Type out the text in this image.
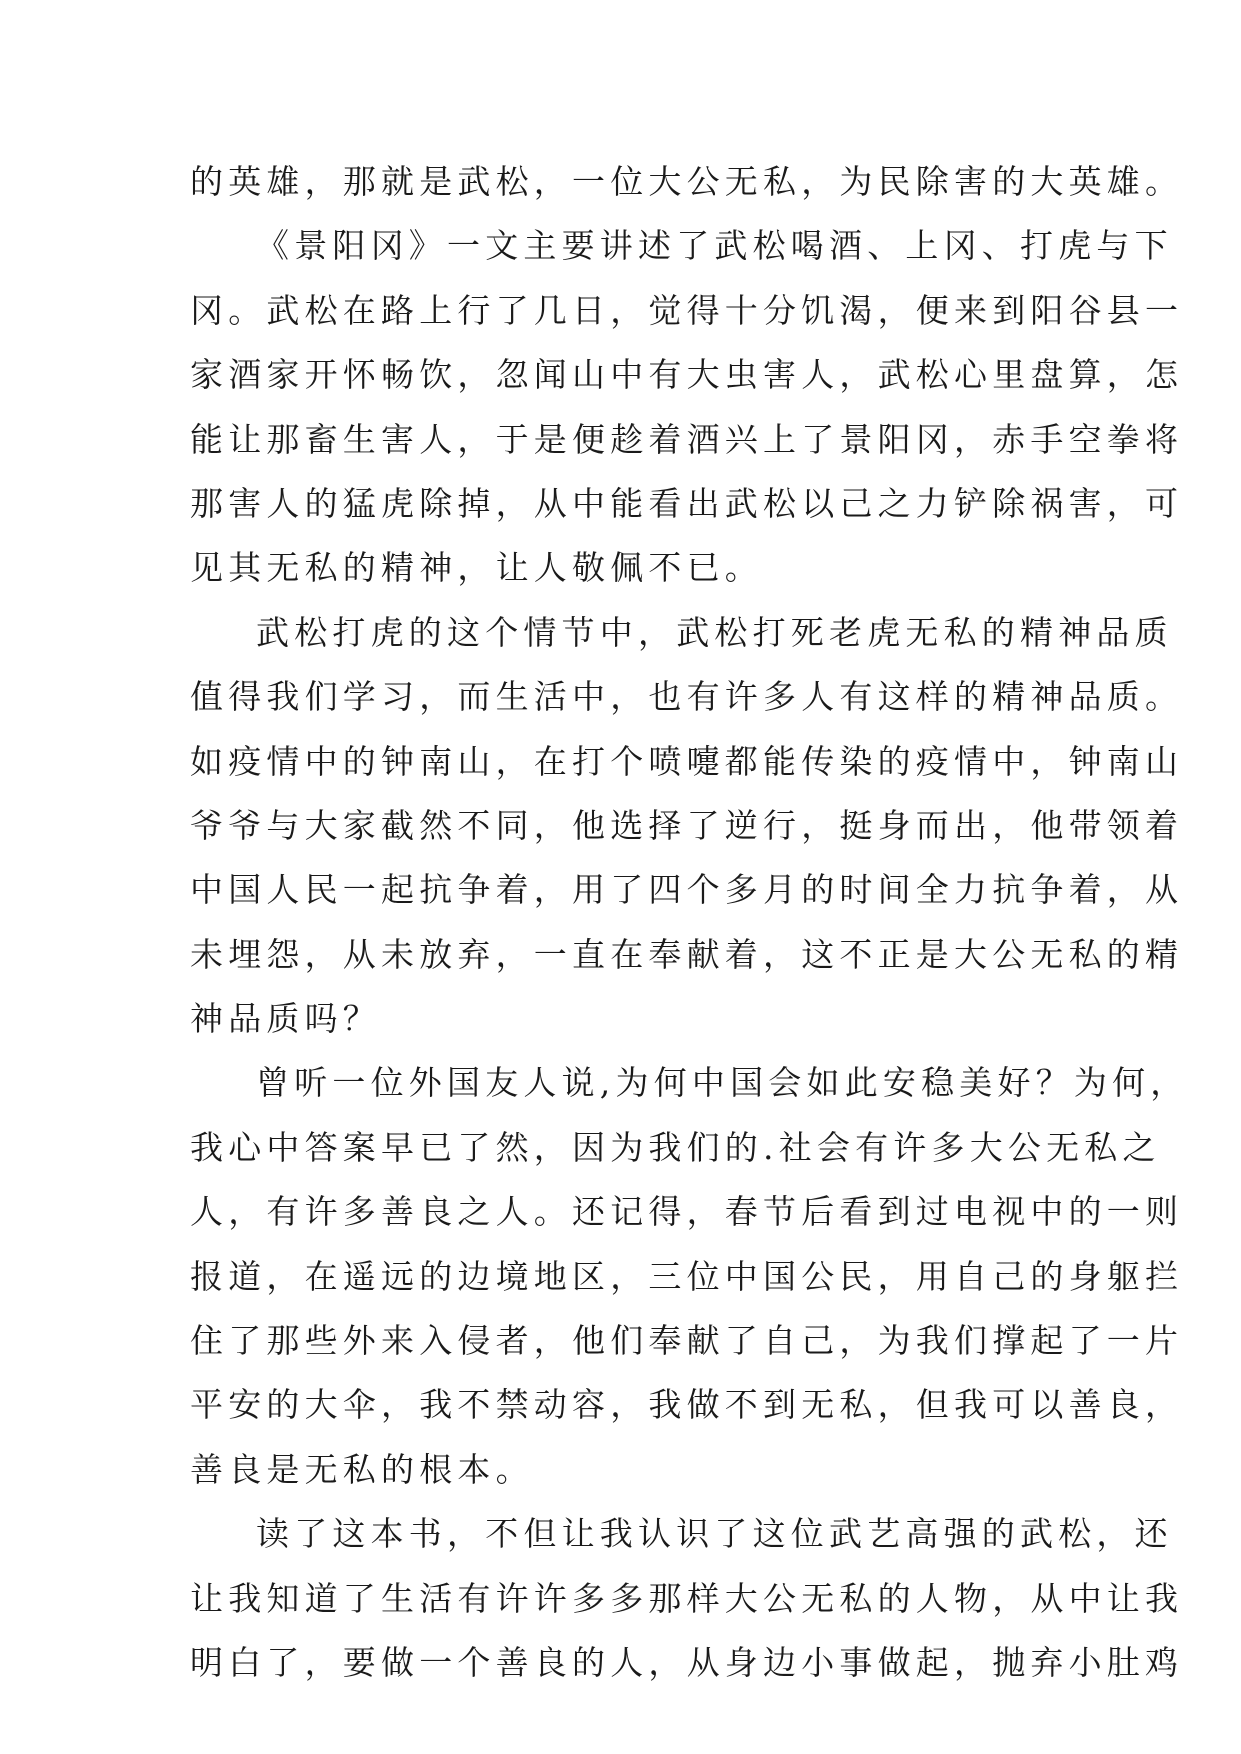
的英雄，那就是武松，一位大公无私，为民除害的大英雄。
《景阳冈》一文主要讲述了武松喝酒、上冈、打虎与下
冈。武松在路上行了几日，觉得十分饥渴，便来到阳谷县一
家酒家开怀畅饮，忽闻山中有大虫害人，武松心里盘算，怎
能让那畜生害人，于是便趁着酒兴上了景阳冈，赤手空拳将
那害人的猛虎除掉，从中能看出武松以己之力铲除祸害，可
见其无私的精神，让人敬佩不已。
武松打虎的这个情节中，武松打死老虎无私的精神品质
值得我们学习，而生活中，也有许多人有这样的精神品质。
如疫情中的钟南山，在打个喷嚏都能传染的疫情中，钟南山
爷爷与大家截然不同，他选择了逆行，挺身而出，他带领着
中国人民一起抗争着，用了四个多月的时间全力抗争着，从
未埋怨，从未放弃，一直在奉献着，这不正是大公无私的精
神品质吗？
曾听一位外国友人说,为何中国会如此安稳美好？为何，
我心中答案早已了然，因为我们的.社会有许多大公无私之
人，有许多善良之人。还记得，春节后看到过电视中的一则
报道，在遥远的边境地区，三位中国公民，用自己的身躯拦
住了那些外来入侵者，他们奉献了自己，为我们撑起了一片
平安的大伞，我不禁动容，我做不到无私，但我可以善良，
善良是无私的根本。
读了这本书，不但让我认识了这位武艺高强的武松，还
让我知道了生活有许许多多那样大公无私的人物，从中让我
明白了，要做一个善良的人，从身边小事做起，抛弃小肚鸡
